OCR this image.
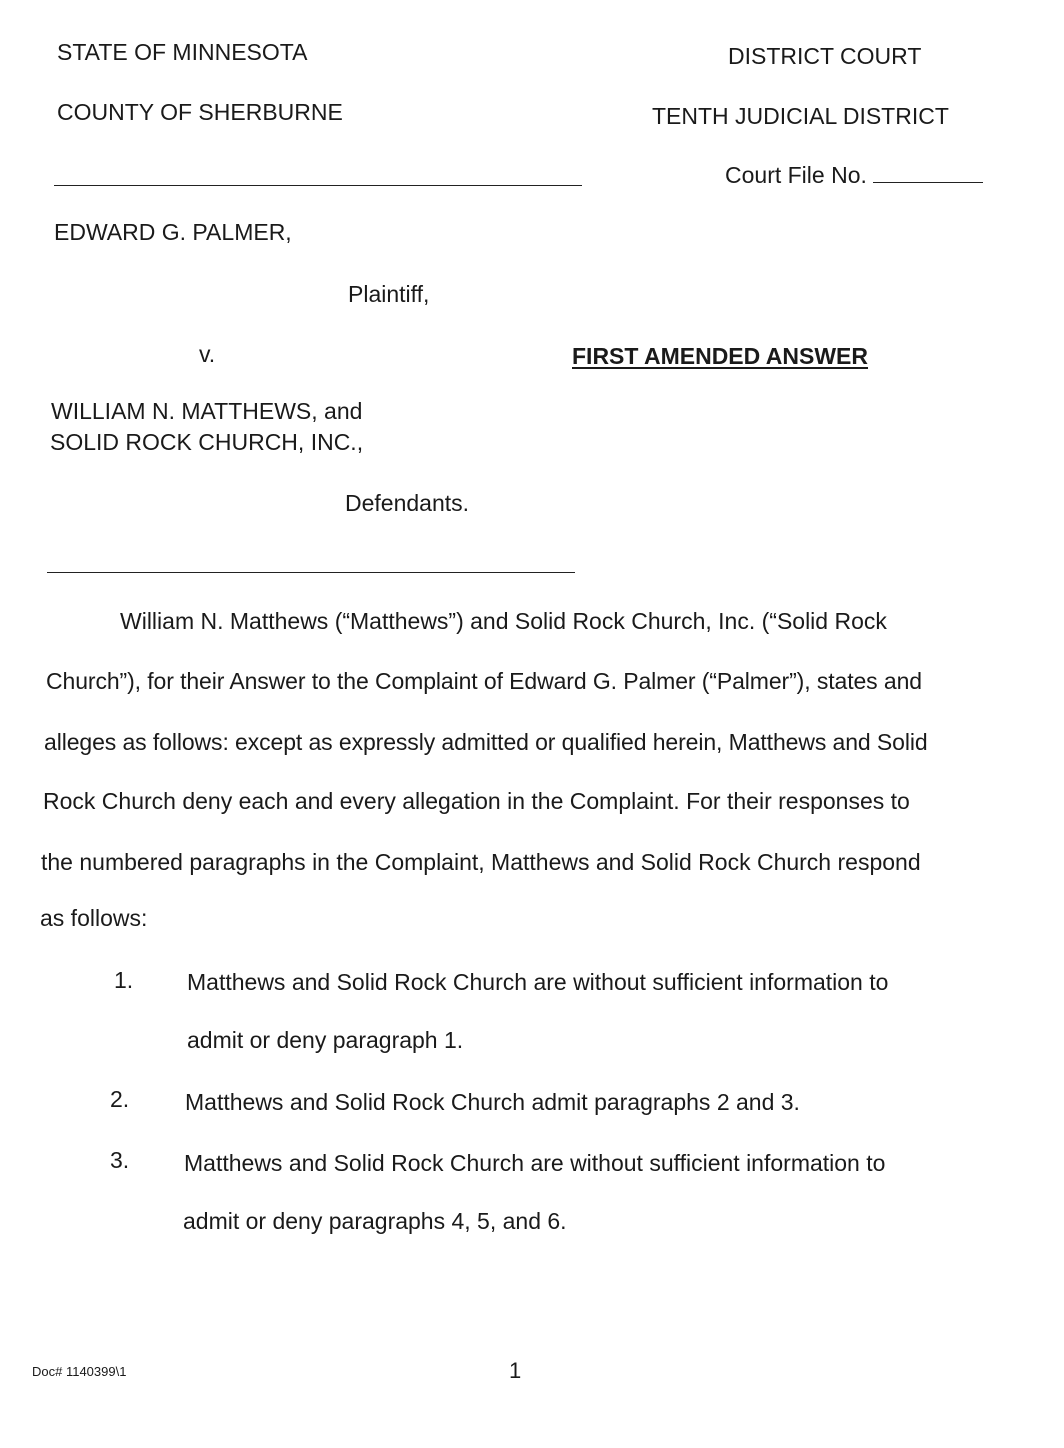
STATE OF MINNESOTA
COUNTY OF SHERBURNE
DISTRICT COURT
TENTH JUDICIAL DISTRICT
Court File No.
EDWARD G. PALMER,
Plaintiff,
v.	FIRST AMENDED ANSWER
WILLIAM N. MATTHEWS, and
SOLID ROCK CHURCH, INC.,
Defendants.
William N. Matthews (“Matthews”) and Solid Rock Church, Inc. (“Solid Rock
Church”), for their Answer to the Complaint of Edward G. Palmer (“Palmer”), states and
alleges as follows: except as expressly admitted or qualified herein, Matthews and Solid
Rock Church deny each and every allegation in the Complaint. For their responses to
the numbered paragraphs in the Complaint, Matthews and Solid Rock Church respond
as follows:
1. Matthews and Solid Rock Church are without sufficient information to
admit or deny paragraph 1.
2. Matthews and Solid Rock Church admit paragraphs 2 and 3.
3. Matthews and Solid Rock Church are without sufficient information to
admit or deny paragraphs 4, 5, and 6.
Doc# 1140399\1	1
